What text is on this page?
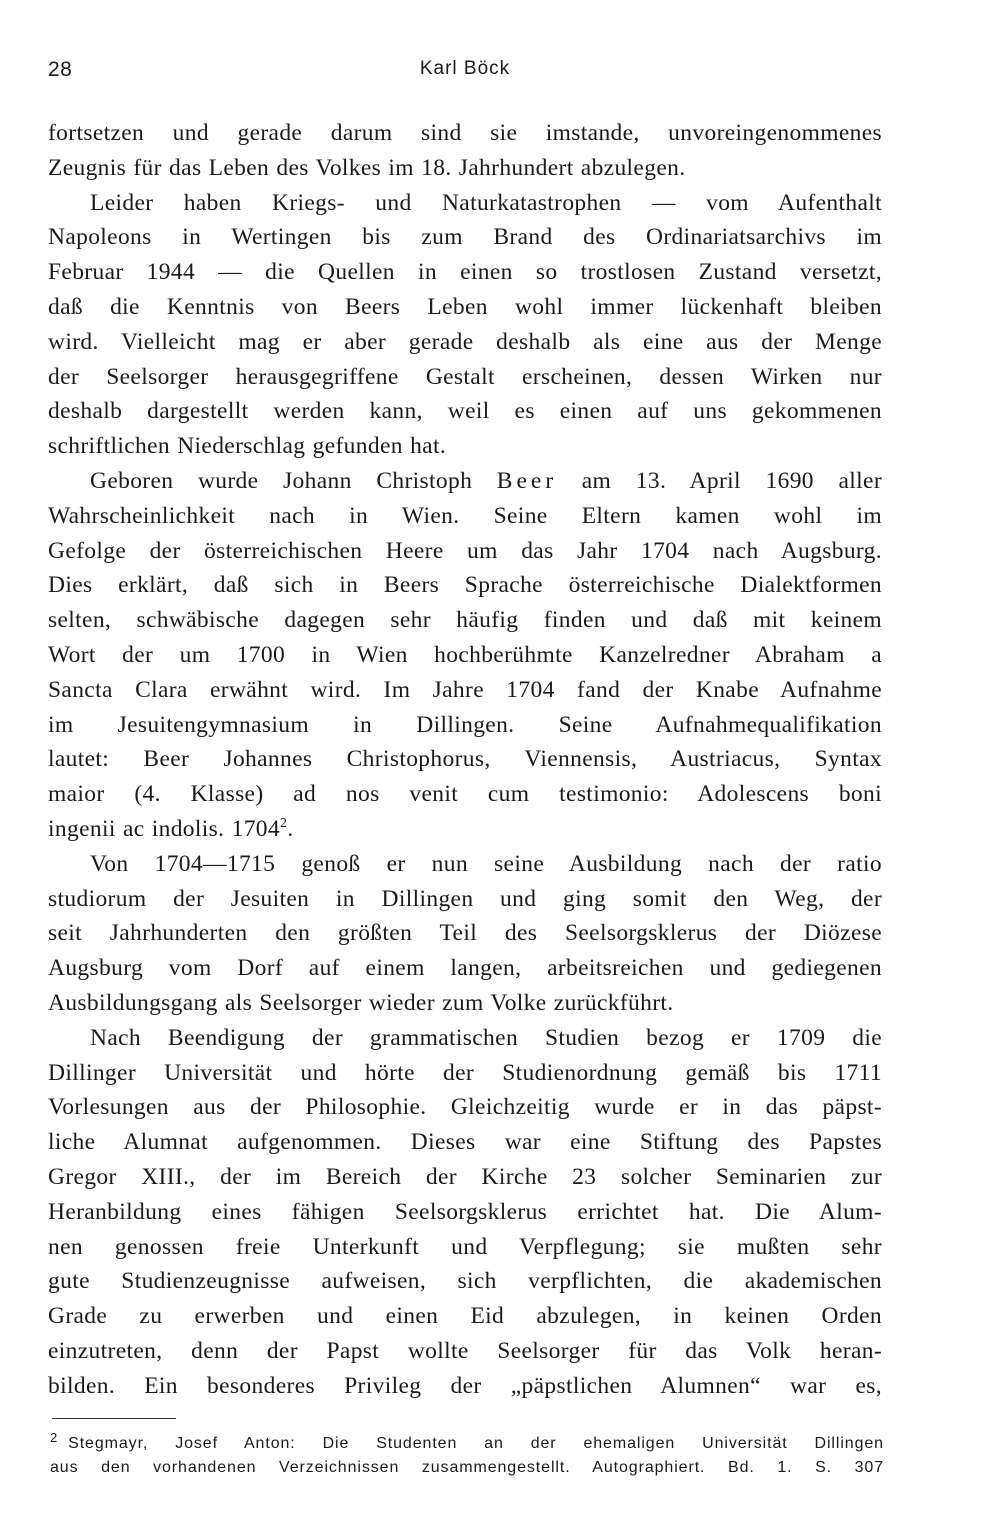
28	Karl Böck

fortsetzen und gerade darum sind sie imstande, unvoreingenommenes
Zeugnis für das Leben des Volkes im 18. Jahrhundert abzulegen.

Leider haben Kriegs- und Naturkatastrophen — vom Aufenthalt
Napoleons in Wertingen bis zum Brand des Ordinariatsarchivs im
Februar 1944 — die Quellen in einen so trostlosen Zustand versetzt,
daß die Kenntnis von Beers Leben wohl immer lückenhaft bleiben
wird. Vielleicht mag er aber gerade deshalb als eine aus der Menge
der Seelsorger herausgegriffene Gestalt erscheinen, dessen Wirken nur
deshalb dargestellt werden kann, weil es einen auf uns gekommenen
schriftlichen Niederschlag gefunden hat.

Geboren wurde Johann Christoph Beer am 13. April 1690 aller
Wahrscheinlichkeit nach in Wien. Seine Eltern kamen wohl im
Gefolge der österreichischen Heere um das Jahr 1704 nach Augsburg.
Dies erklärt, daß sich in Beers Sprache österreichische Dialektformen
selten, schwäbische dagegen sehr häufig finden und daß mit keinem
Wort der um 1700 in Wien hochberühmte Kanzelredner Abraham a
Sancta Clara erwähnt wird. Im Jahre 1704 fand der Knabe Aufnahme
im Jesuitengymnasium in Dillingen. Seine Aufnahmequalifikation
lautet: Beer Johannes Christophorus, Viennensis, Austriacus, Syntax
maior (4. Klasse) ad nos venit cum testimonio: Adolescens boni
ingenii ac indolis. 1704$^2$.

Von 1704—1715 genoß er nun seine Ausbildung nach der ratio
studiorum der Jesuiten in Dillingen und ging somit den Weg, der
seit Jahrhunderten den größten Teil des Seelsorgsklerus der Diözese
Augsburg vom Dorf auf einem langen, arbeitsreichen und gediegenen
Ausbildungsgang als Seelsorger wieder zum Volke zurückführt.

Nach Beendigung der grammatischen Studien bezog er 1709 die
Dillinger Universität und hörte der Studienordnung gemäß bis 1711
Vorlesungen aus der Philosophie. Gleichzeitig wurde er in das päpst-
liche Alumnat aufgenommen. Dieses war eine Stiftung des Papstes
Gregor XIII., der im Bereich der Kirche 23 solcher Seminarien zur
Heranbildung eines fähigen Seelsorgsklerus errichtet hat. Die Alum-
nen genossen freie Unterkunft und Verpflegung; sie mußten sehr
gute Studienzeugnisse aufweisen, sich verpflichten, die akademischen
Grade zu erwerben und einen Eid abzulegen, in keinen Orden
einzutreten, denn der Papst wollte Seelsorger für das Volk heran-
bilden. Ein besonderes Privileg der „päpstlichen Alumnen“ war es,

$^2$ Stegmayr, Josef Anton: Die Studenten an der ehemaligen Universität Dillingen
aus den vorhandenen Verzeichnissen zusammengestellt. Autographiert. Bd. 1. S. 307
